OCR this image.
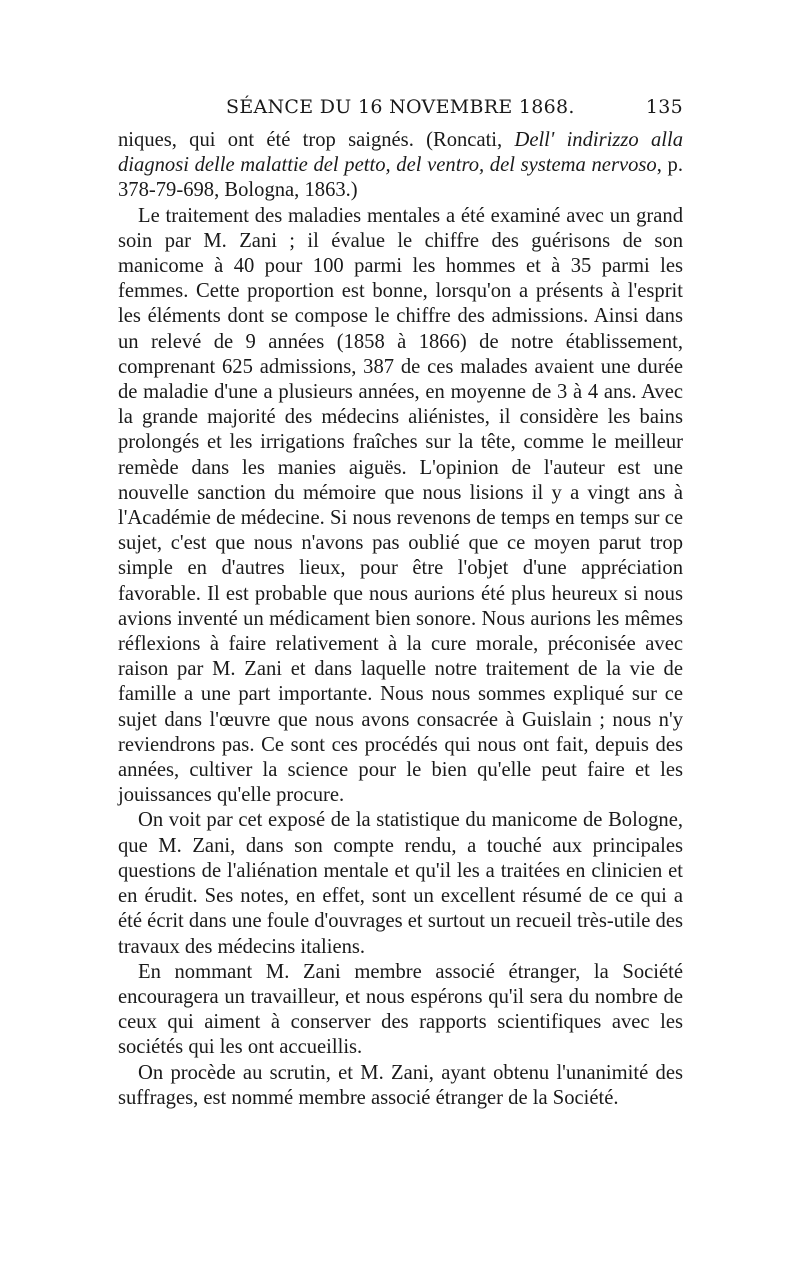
SÉANCE DU 16 NOVEMBRE 1868.	135

niques, qui ont été trop saignés. (Roncati, Dell' indirizzo alla diagnosi delle malattie del petto, del ventro, del systema nervoso, p. 378-79-698, Bologna, 1863.)

Le traitement des maladies mentales a été examiné avec un grand soin par M. Zani ; il évalue le chiffre des guérisons de son manicome à 40 pour 100 parmi les hommes et à 35 parmi les femmes. Cette proportion est bonne, lorsqu'on a présents à l'esprit les éléments dont se compose le chiffre des admissions. Ainsi dans un relevé de 9 années (1858 à 1866) de notre établissement, comprenant 625 admissions, 387 de ces malades avaient une durée de maladie d'une a plusieurs années, en moyenne de 3 à 4 ans. Avec la grande majorité des médecins aliénistes, il considère les bains prolongés et les irrigations fraîches sur la tête, comme le meilleur remède dans les manies aiguës. L'opinion de l'auteur est une nouvelle sanction du mémoire que nous lisions il y a vingt ans à l'Académie de médecine. Si nous revenons de temps en temps sur ce sujet, c'est que nous n'avons pas oublié que ce moyen parut trop simple en d'autres lieux, pour être l'objet d'une appréciation favorable. Il est probable que nous aurions été plus heureux si nous avions inventé un médicament bien sonore. Nous aurions les mêmes réflexions à faire relativement à la cure morale, préconisée avec raison par M. Zani et dans laquelle notre traitement de la vie de famille a une part importante. Nous nous sommes expliqué sur ce sujet dans l'œuvre que nous avons consacrée à Guislain ; nous n'y reviendrons pas. Ce sont ces procédés qui nous ont fait, depuis des années, cultiver la science pour le bien qu'elle peut faire et les jouissances qu'elle procure.

On voit par cet exposé de la statistique du manicome de Bologne, que M. Zani, dans son compte rendu, a touché aux principales questions de l'aliénation mentale et qu'il les a traitées en clinicien et en érudit. Ses notes, en effet, sont un excellent résumé de ce qui a été écrit dans une foule d'ouvrages et surtout un recueil très-utile des travaux des médecins italiens.

En nommant M. Zani membre associé étranger, la Société encouragera un travailleur, et nous espérons qu'il sera du nombre de ceux qui aiment à conserver des rapports scientifiques avec les sociétés qui les ont accueillis.

On procède au scrutin, et M. Zani, ayant obtenu l'unanimité des suffrages, est nommé membre associé étranger de la Société.
